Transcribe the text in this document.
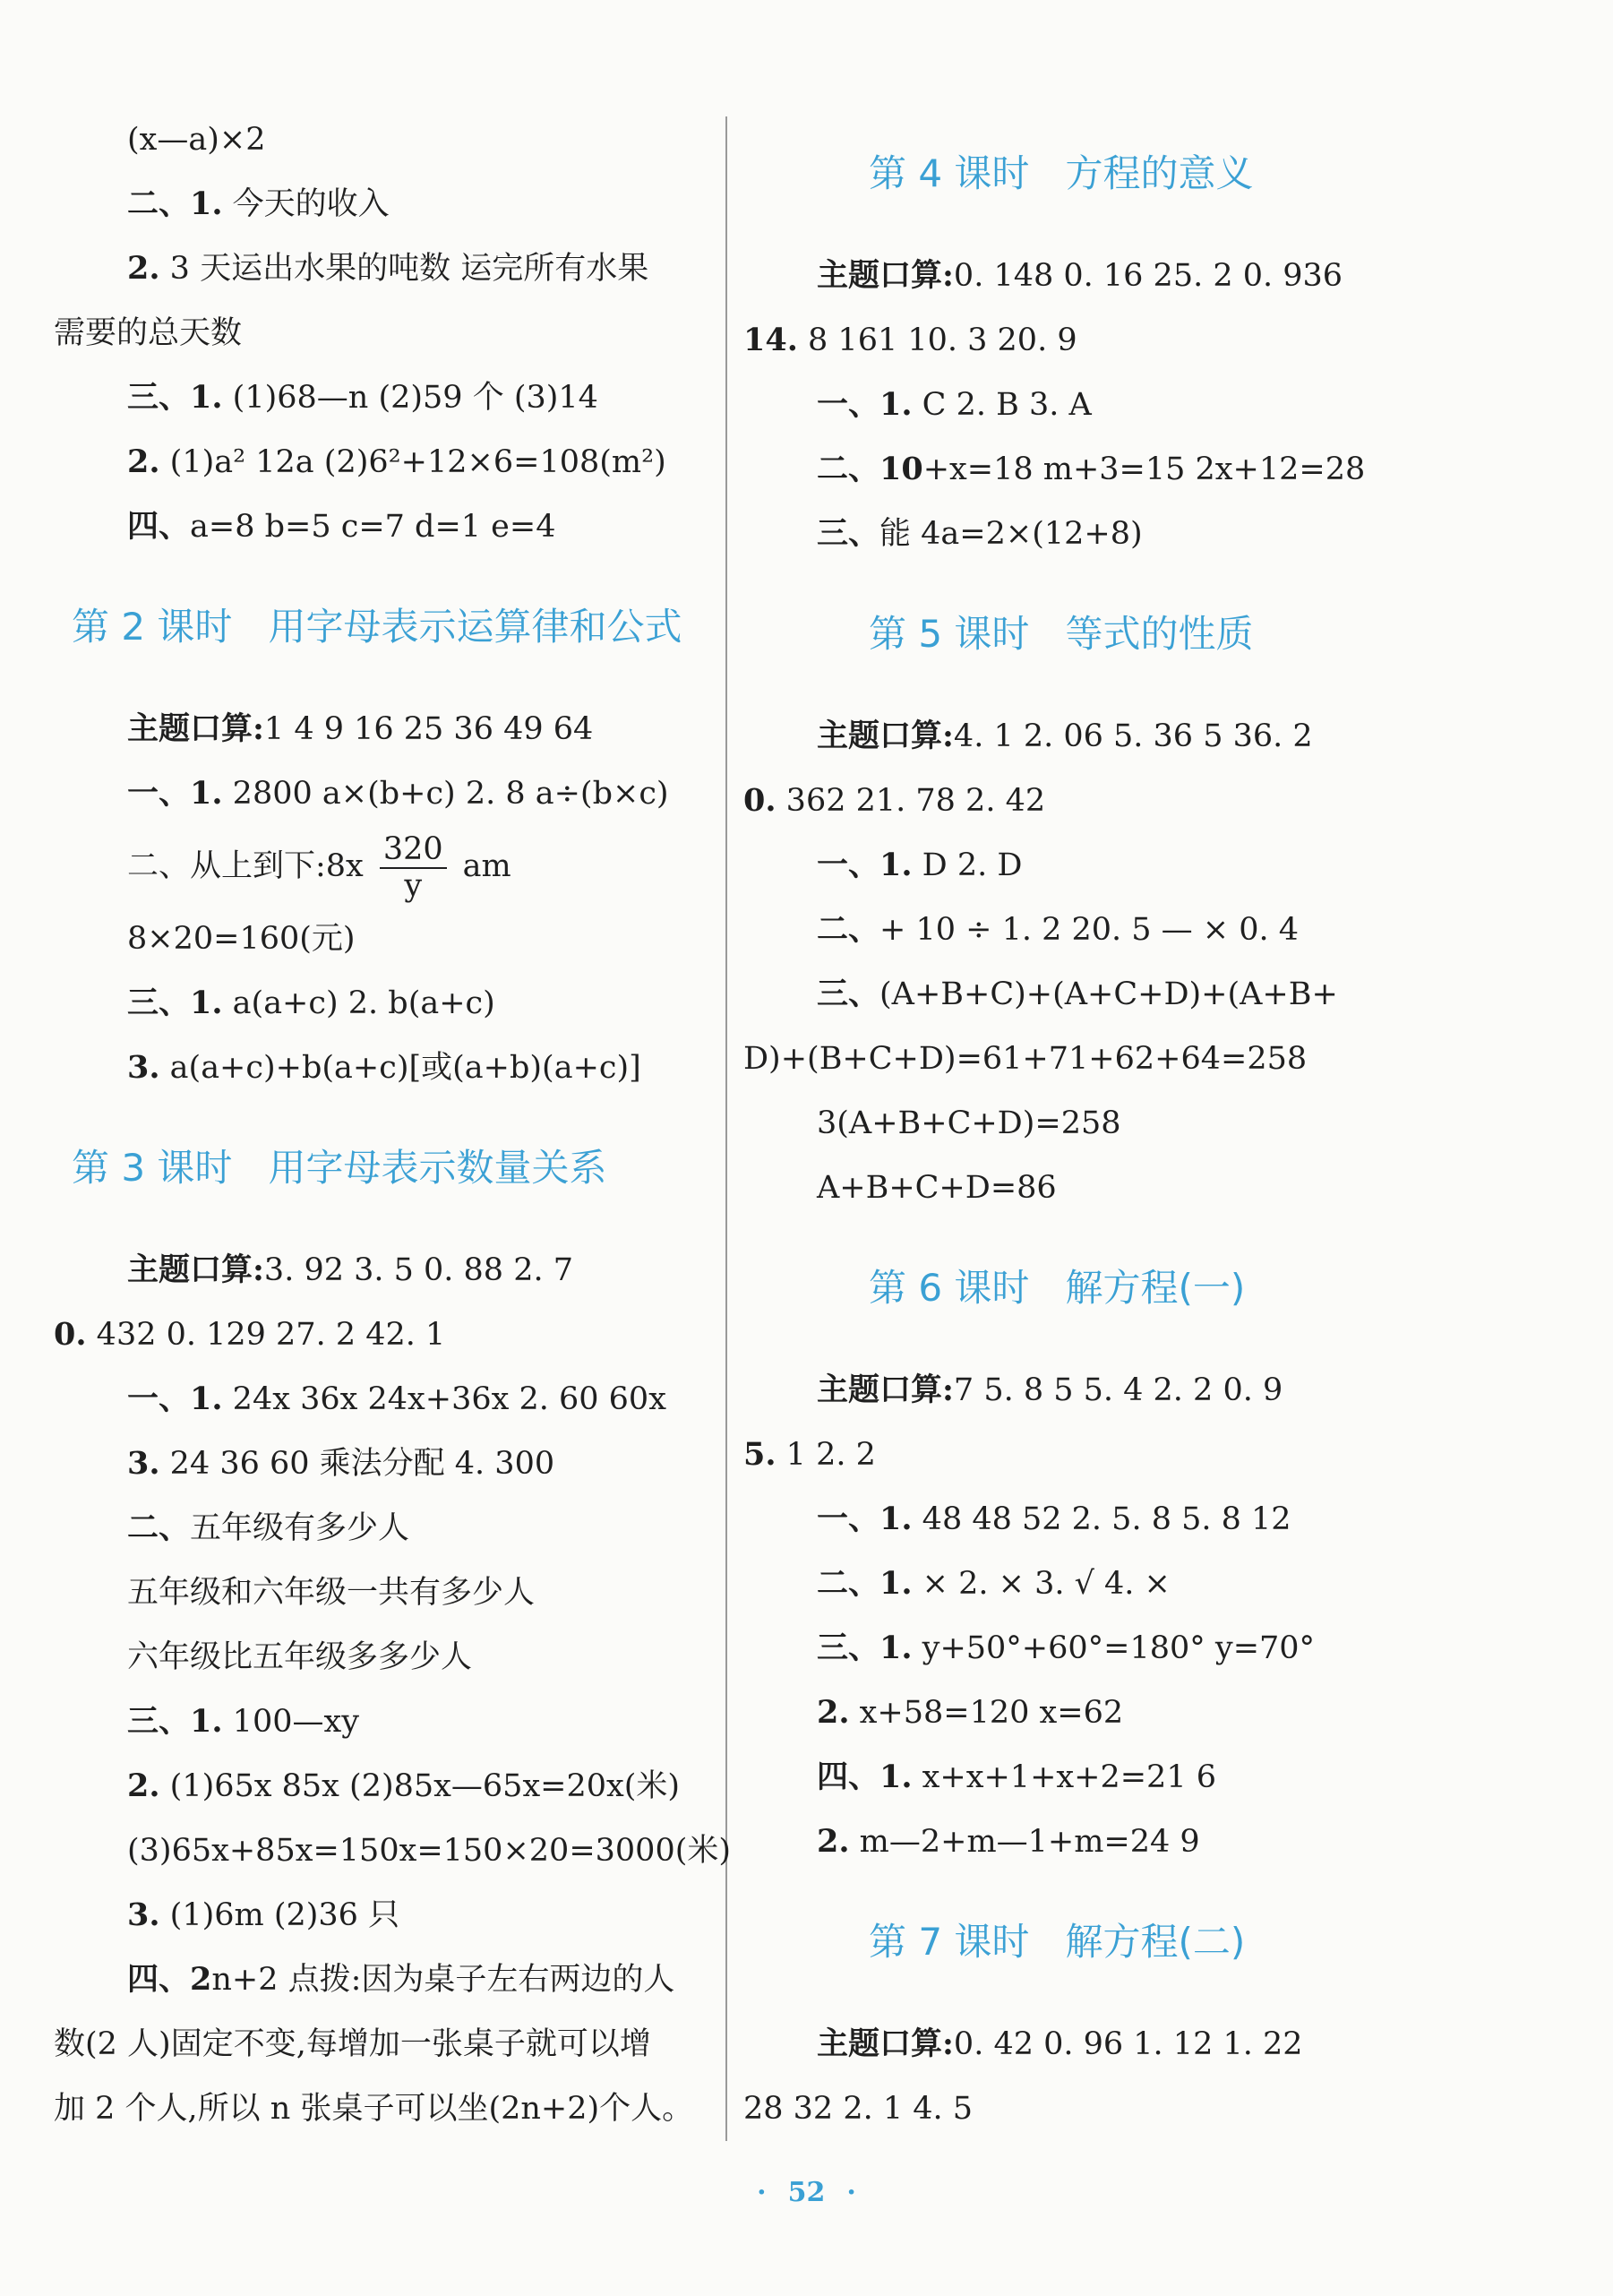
(x—a)×2
二、1. 今天的收入
2. 3 天运出水果的吨数 运完所有水果
需要的总天数
三、1. (1)68—n (2)59 个 (3)14
2. (1)a² 12a (2)6²+12×6=108(m²)
四、a=8 b=5 c=7 d=1 e=4
第 2 课时 用字母表示运算律和公式
主题口算:1 4 9 16 25 36 49 64
一、1. 2800 a×(b+c) 2. 8 a÷(b×c)
二、从上到下:8x $\frac{320}{y}$ am
8×20=160(元)
三、1. a(a+c) 2. b(a+c)
3. a(a+c)+b(a+c)[或(a+b)(a+c)]
第 3 课时 用字母表示数量关系
主题口算:3. 92 3. 5 0. 88 2. 7
0. 432 0. 129 27. 2 42. 1
一、1. 24x 36x 24x+36x 2. 60 60x
3. 24 36 60 乘法分配 4. 300
二、五年级有多少人
五年级和六年级一共有多少人
六年级比五年级多多少人
三、1. 100—xy
2. (1)65x 85x (2)85x—65x=20x(米)
(3)65x+85x=150x=150×20=3000(米)
3. (1)6m (2)36 只
四、2n+2 点拨:因为桌子左右两边的人
数(2 人)固定不变,每增加一张桌子就可以增
加 2 个人,所以 n 张桌子可以坐(2n+2)个人。
第 4 课时 方程的意义
主题口算:0. 148 0. 16 25. 2 0. 936
14. 8 161 10. 3 20. 9
一、1. C 2. B 3. A
二、10+x=18 m+3=15 2x+12=28
三、能 4a=2×(12+8)
第 5 课时 等式的性质
主题口算:4. 1 2. 06 5. 36 5 36. 2
0. 362 21. 78 2. 42
一、1. D 2. D
二、+ 10 ÷ 1. 2 20. 5 — × 0. 4
三、(A+B+C)+(A+C+D)+(A+B+
D)+(B+C+D)=61+71+62+64=258
3(A+B+C+D)=258
A+B+C+D=86
第 6 课时 解方程(一)
主题口算:7 5. 8 5 5. 4 2. 2 0. 9
5. 1 2. 2
一、1. 48 48 52 2. 5. 8 5. 8 12
二、1. × 2. × 3. √ 4. ×
三、1. y+50°+60°=180° y=70°
2. x+58=120 x=62
四、1. x+x+1+x+2=21 6
2. m—2+m—1+m=24 9
第 7 课时 解方程(二)
主题口算:0. 42 0. 96 1. 12 1. 22
28 32 2. 1 4. 5
· 52 ·
